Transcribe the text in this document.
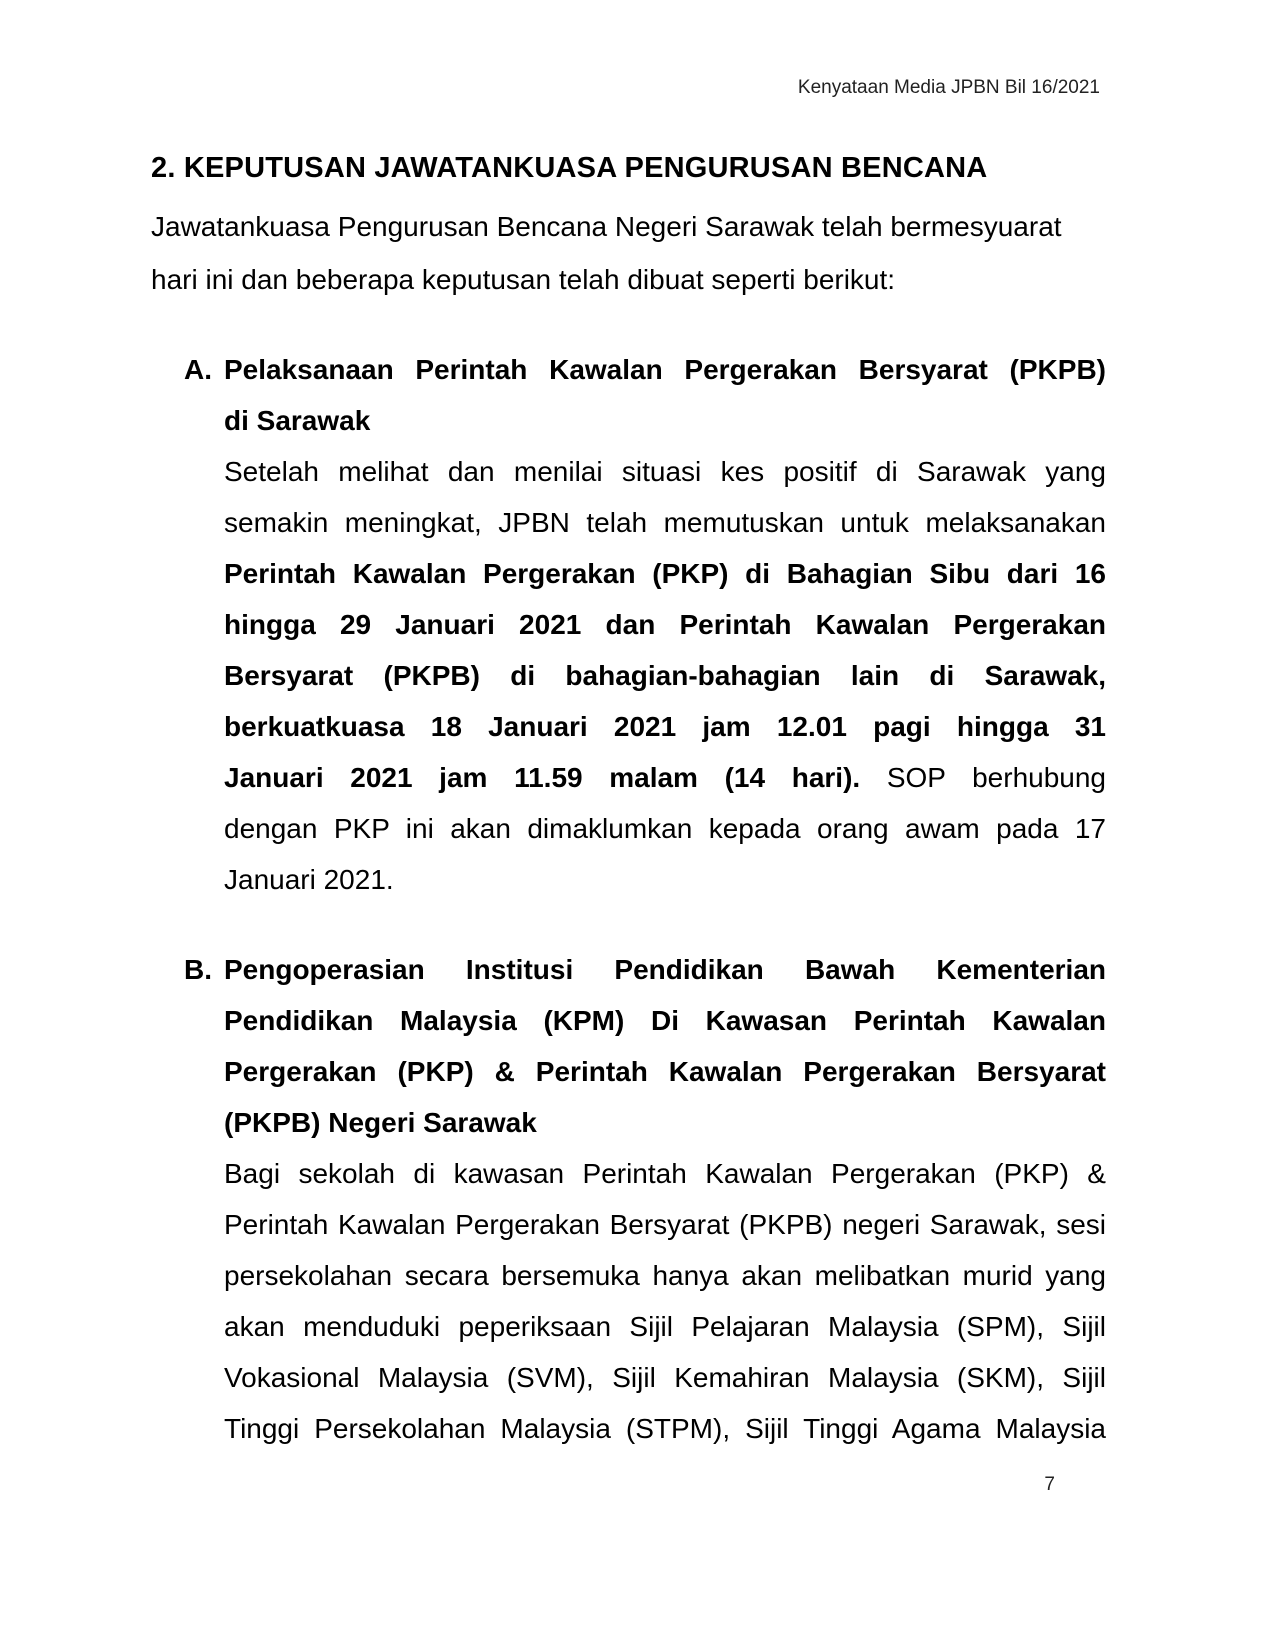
Kenyataan Media JPBN Bil 16/2021
2. KEPUTUSAN JAWATANKUASA PENGURUSAN BENCANA
Jawatankuasa Pengurusan Bencana Negeri Sarawak telah bermesyuarat
hari ini dan beberapa keputusan telah dibuat seperti berikut:
A. Pelaksanaan Perintah Kawalan Pergerakan Bersyarat (PKPB)
di Sarawak
Setelah melihat dan menilai situasi kes positif di Sarawak yang
semakin meningkat, JPBN telah memutuskan untuk melaksanakan
Perintah Kawalan Pergerakan (PKP) di Bahagian Sibu dari 16
hingga 29 Januari 2021 dan Perintah Kawalan Pergerakan
Bersyarat (PKPB) di bahagian-bahagian lain di Sarawak,
berkuatkuasa 18 Januari 2021 jam 12.01 pagi hingga 31
Januari 2021 jam 11.59 malam (14 hari). SOP berhubung
dengan PKP ini akan dimaklumkan kepada orang awam pada 17
Januari 2021.
B. Pengoperasian Institusi Pendidikan Bawah Kementerian
Pendidikan Malaysia (KPM) Di Kawasan Perintah Kawalan
Pergerakan (PKP) & Perintah Kawalan Pergerakan Bersyarat
(PKPB) Negeri Sarawak
Bagi sekolah di kawasan Perintah Kawalan Pergerakan (PKP) &
Perintah Kawalan Pergerakan Bersyarat (PKPB) negeri Sarawak, sesi
persekolahan secara bersemuka hanya akan melibatkan murid yang
akan menduduki peperiksaan Sijil Pelajaran Malaysia (SPM), Sijil
Vokasional Malaysia (SVM), Sijil Kemahiran Malaysia (SKM), Sijil
Tinggi Persekolahan Malaysia (STPM), Sijil Tinggi Agama Malaysia
7
